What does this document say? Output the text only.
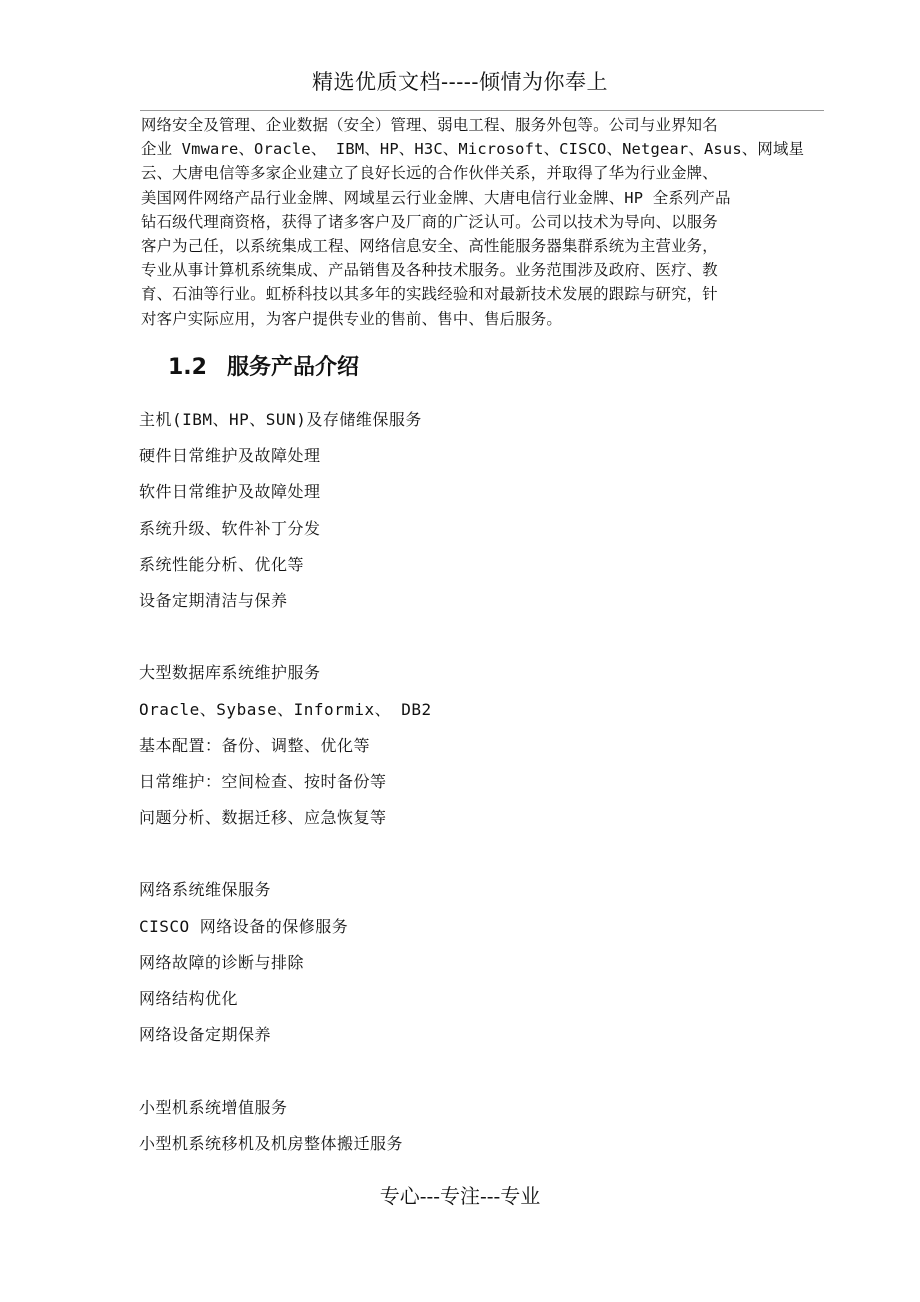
精选优质文档-----倾情为你奉上

网络安全及管理、企业数据（安全）管理、弱电工程、服务外包等。公司与业界知名

企业 Vmware、Oracle、 IBM、HP、H3C、Microsoft、CISCO、Netgear、Asus、网域星

云、大唐电信等多家企业建立了良好长远的合作伙伴关系，并取得了华为行业金牌、

美国网件网络产品行业金牌、网域星云行业金牌、大唐电信行业金牌、HP 全系列产品

钻石级代理商资格，获得了诸多客户及厂商的广泛认可。公司以技术为导向、以服务

客户为己任，以系统集成工程、网络信息安全、高性能服务器集群系统为主营业务，

专业从事计算机系统集成、产品销售及各种技术服务。业务范围涉及政府、医疗、教

育、石油等行业。虹桥科技以其多年的实践经验和对最新技术发展的跟踪与研究，针

对客户实际应用，为客户提供专业的售前、售中、售后服务。

1.2 服务产品介绍
主机(IBM、HP、SUN)及存储维保服务
硬件日常维护及故障处理
软件日常维护及故障处理
系统升级、软件补丁分发
系统性能分析、优化等
设备定期清洁与保养
大型数据库系统维护服务
Oracle、Sybase、Informix、 DB2
基本配置：备份、调整、优化等
日常维护：空间检查、按时备份等
问题分析、数据迁移、应急恢复等
网络系统维保服务
CISCO 网络设备的保修服务
网络故障的诊断与排除
网络结构优化
网络设备定期保养
小型机系统增值服务
小型机系统移机及机房整体搬迁服务
专心---专注---专业
